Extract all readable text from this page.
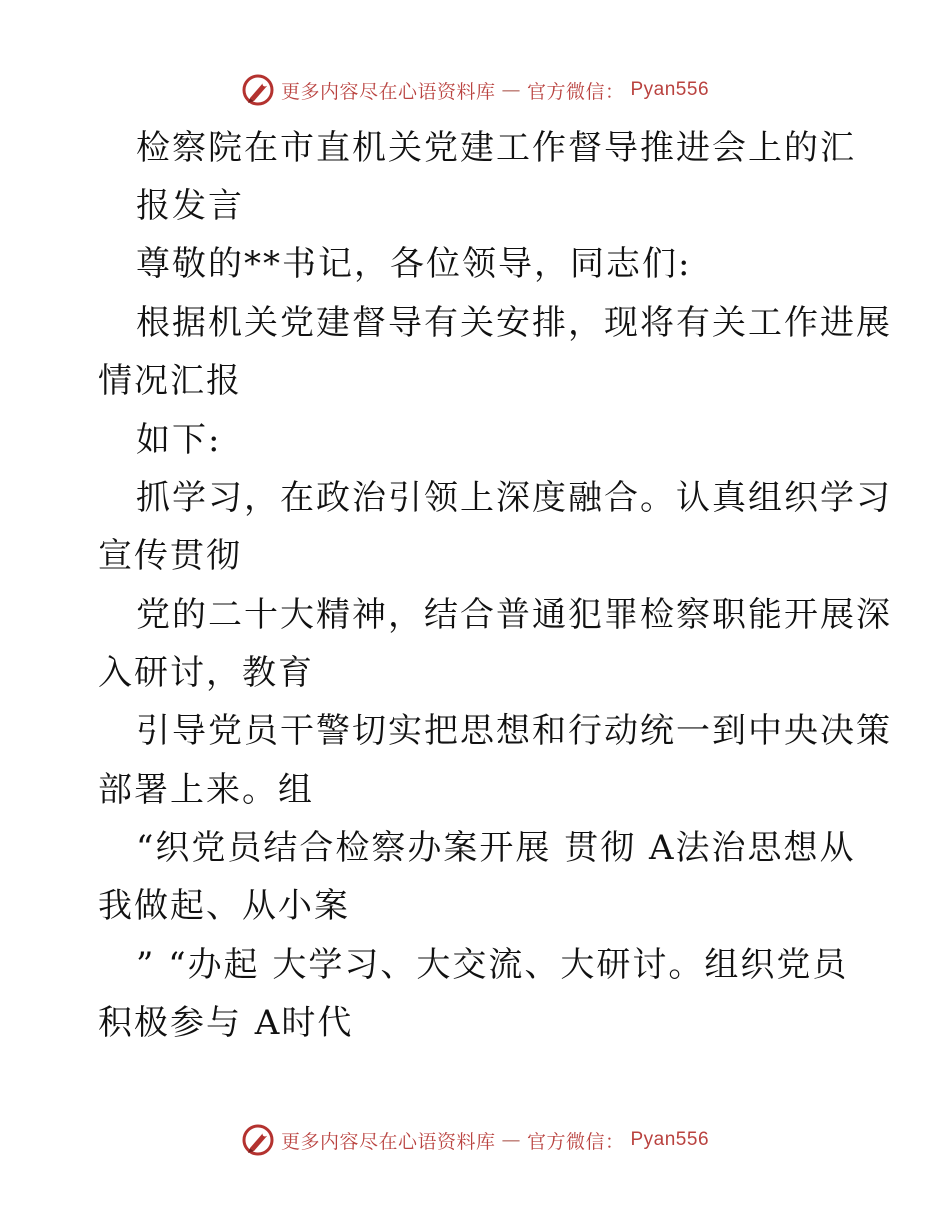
更多内容尽在心语资料库 — 官方微信： Pyan556
检察院在市直机关党建工作督导推进会上的汇
报发言
尊敬的**书记，各位领导，同志们:
根据机关党建督导有关安排，现将有关工作进展
情况汇报
如下:
抓学习，在政治引领上深度融合。认真组织学习
宣传贯彻
党的二十大精神，结合普通犯罪检察职能开展深
入研讨，教育
引导党员干警切实把思想和行动统一到中央决策
部署上来。组
“织党员结合检察办案开展 贯彻 A法治思想从
我做起、从小案
” “办起 大学习、大交流、大研讨。组织党员
积极参与 A时代
更多内容尽在心语资料库 — 官方微信： Pyan556
